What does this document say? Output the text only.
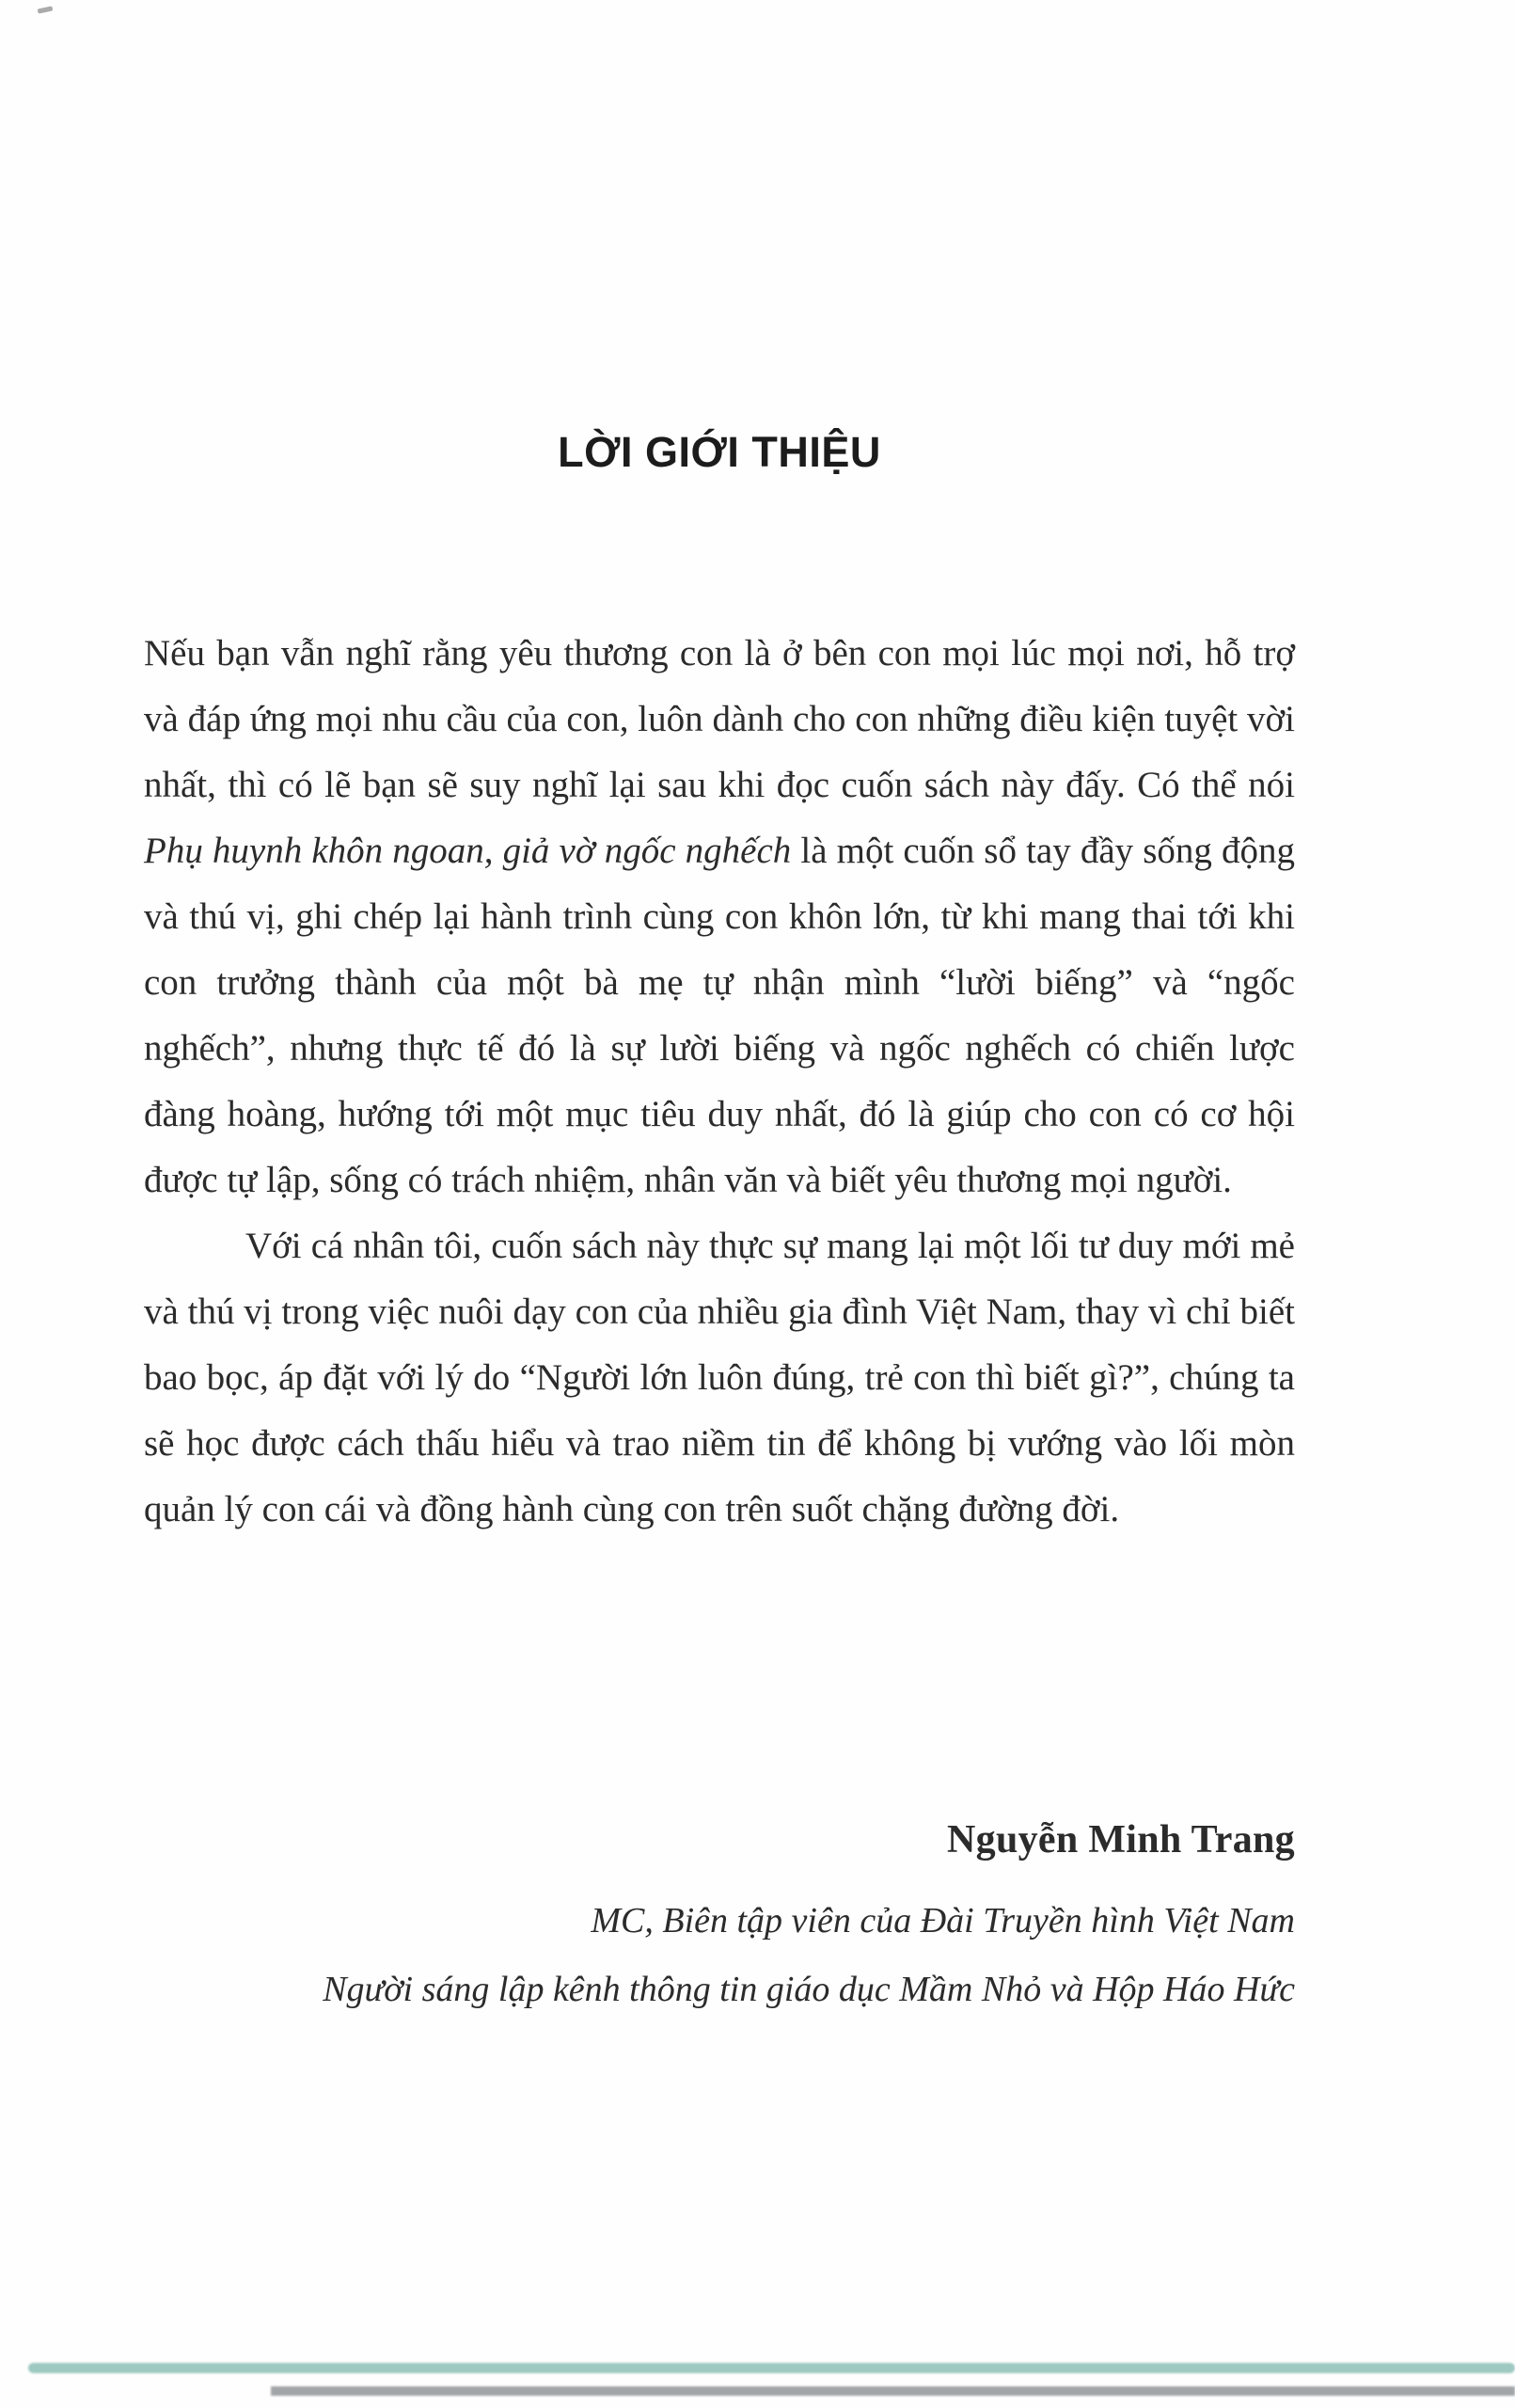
LỜI GIỚI THIỆU

Nếu bạn vẫn nghĩ rằng yêu thương con là ở bên con mọi lúc mọi nơi, hỗ trợ và đáp ứng mọi nhu cầu của con, luôn dành cho con những điều kiện tuyệt vời nhất, thì có lẽ bạn sẽ suy nghĩ lại sau khi đọc cuốn sách này đấy. Có thể nói Phụ huynh khôn ngoan, giả vờ ngốc nghếch là một cuốn sổ tay đầy sống động và thú vị, ghi chép lại hành trình cùng con khôn lớn, từ khi mang thai tới khi con trưởng thành của một bà mẹ tự nhận mình “lười biếng” và “ngốc nghếch”, nhưng thực tế đó là sự lười biếng và ngốc nghếch có chiến lược đàng hoàng, hướng tới một mục tiêu duy nhất, đó là giúp cho con có cơ hội được tự lập, sống có trách nhiệm, nhân văn và biết yêu thương mọi người.

Với cá nhân tôi, cuốn sách này thực sự mang lại một lối tư duy mới mẻ và thú vị trong việc nuôi dạy con của nhiều gia đình Việt Nam, thay vì chỉ biết bao bọc, áp đặt với lý do “Người lớn luôn đúng, trẻ con thì biết gì?”, chúng ta sẽ học được cách thấu hiểu và trao niềm tin để không bị vướng vào lối mòn quản lý con cái và đồng hành cùng con trên suốt chặng đường đời.

Nguyễn Minh Trang
MC, Biên tập viên của Đài Truyền hình Việt Nam
Người sáng lập kênh thông tin giáo dục Mầm Nhỏ và Hộp Háo Hức
